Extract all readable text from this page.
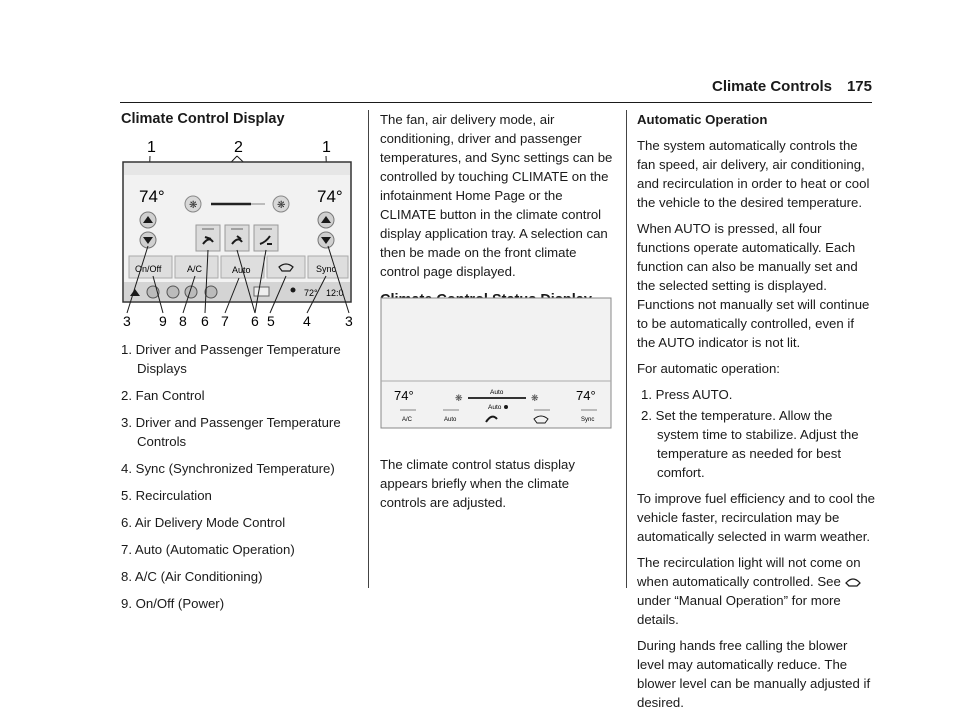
Climate Controls 175
Climate Control Display
1	2	1
74°	74°
❋	❋
On/Off	A/C	Auto	Sync
72° 12:0
3 9 8 6 7 6 5 4 3
1. Driver and Passenger Temperature Displays
2. Fan Control
3. Driver and Passenger Temperature Controls
4. Sync (Synchronized Temperature)
5. Recirculation
6. Air Delivery Mode Control
7. Auto (Automatic Operation)
8. A/C (Air Conditioning)
9. On/Off (Power)

The fan, air delivery mode, air conditioning, driver and passenger temperatures, and Sync settings can be controlled by touching CLIMATE on the infotainment Home Page or the CLIMATE button in the climate control display application tray. A selection can then be made on the front climate control page displayed.

74°	74°
Auto
❋	❋
Auto
A/C	Auto	Sync

The climate control status display appears briefly when the climate controls are adjusted.

Automatic Operation

The system automatically controls the fan speed, air delivery, air conditioning, and recirculation in order to heat or cool the vehicle to the desired temperature.

When AUTO is pressed, all four functions operate automatically. Each function can also be manually set and the selected setting is displayed. Functions not manually set will continue to be automatically controlled, even if the AUTO indicator is not lit.

For automatic operation:

1. Press AUTO.
2. Set the temperature. Allow the system time to stabilize. Adjust the temperature as needed for best comfort.

To improve fuel efficiency and to cool the vehicle faster, recirculation may be automatically selected in warm weather.

The recirculation light will not come on when automatically controlled. See  under “Manual Operation” for more details.

During hands free calling the blower level may automatically reduce. The blower level can be manually adjusted if desired.
